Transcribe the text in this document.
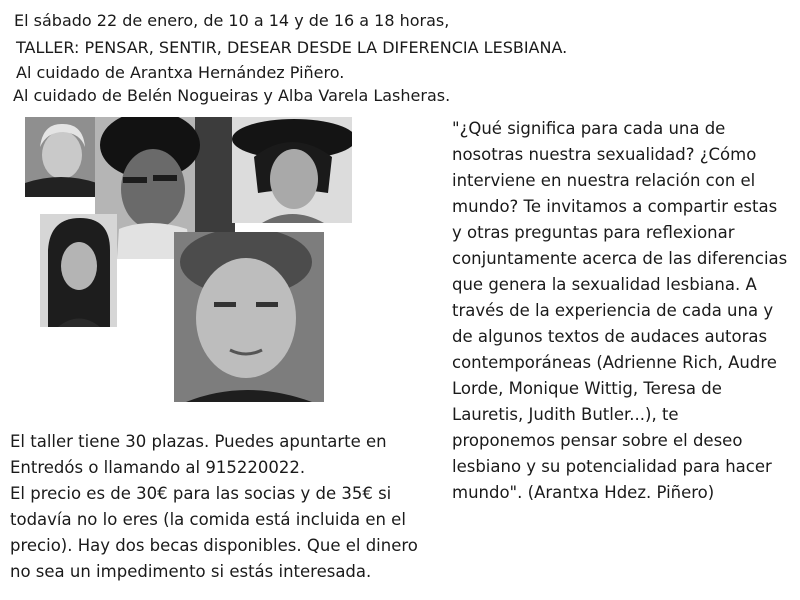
El sábado 22 de enero, de 10 a 14 y de 16 a 18 horas,
TALLER: PENSAR, SENTIR, DESEAR DESDE LA DIFERENCIA LESBIANA.
Al cuidado de Arantxa Hernández Piñero.
Al cuidado de Belén Nogueiras y Alba Varela Lasheras.
"¿Qué significa para cada una de
nosotras nuestra sexualidad? ¿Cómo
interviene en nuestra relación con el
mundo? Te invitamos a compartir estas
y otras preguntas para reflexionar
conjuntamente acerca de las diferencias
que genera la sexualidad lesbiana. A
través de la experiencia de cada una y
de algunos textos de audaces autoras
contemporáneas (Adrienne Rich, Audre
Lorde, Monique Wittig, Teresa de
Lauretis, Judith Butler...), te
proponemos pensar sobre el deseo
lesbiano y su potencialidad para hacer
mundo". (Arantxa Hdez. Piñero)
El taller tiene 30 plazas. Puedes apuntarte en
Entredós o llamando al 915220022.
El precio es de 30€ para las socias y de 35€ si
todavía no lo eres (la comida está incluida en el
precio). Hay dos becas disponibles. Que el dinero
no sea un impedimento si estás interesada.
